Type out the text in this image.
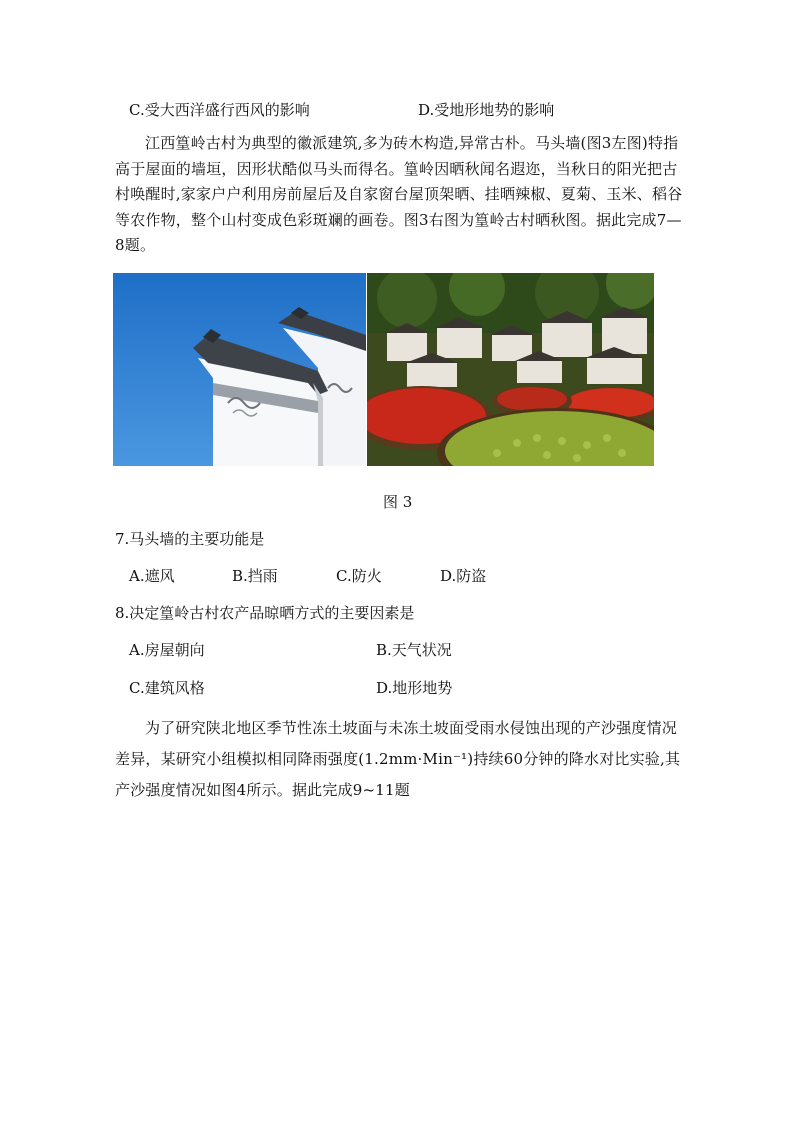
C.受大西洋盛行西风的影响	D.受地形地势的影响

江西篁岭古村为典型的徽派建筑,多为砖木构造,异常古朴。马头墙(图3左图)特指高于屋面的墙垣，因形状酷似马头而得名。篁岭因晒秋闻名遐迩，当秋日的阳光把古村唤醒时,家家户户利用房前屋后及自家窗台屋顶架晒、挂晒辣椒、夏菊、玉米、稻谷等农作物，整个山村变成色彩斑斓的画卷。图3右图为篁岭古村晒秋图。据此完成7—8题。

图 3
7.马头墙的主要功能是
A.遮风	B.挡雨	C.防火	D.防盗
8.决定篁岭古村农产品晾晒方式的主要因素是
A.房屋朝向	B.天气状况
C.建筑风格	D.地形地势

为了研究陕北地区季节性冻土坡面与未冻土坡面受雨水侵蚀出现的产沙强度情况差异，某研究小组模拟相同降雨强度(1.2mm·Min⁻¹)持续60分钟的降水对比实验,其产沙强度情况如图4所示。据此完成9~11题
